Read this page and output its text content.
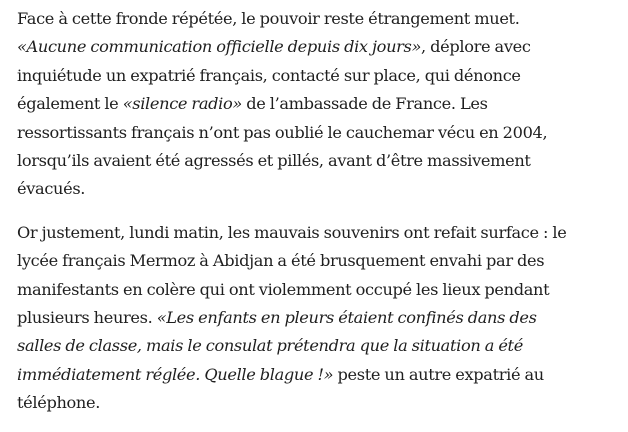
Face à cette fronde répétée, le pouvoir reste étrangement muet.
«Aucune communication officielle depuis dix jours», déplore avec
inquiétude un expatrié français, contacté sur place, qui dénonce
également le «silence radio» de l’ambassade de France. Les
ressortissants français n’ont pas oublié le cauchemar vécu en 2004,
lorsqu’ils avaient été agressés et pillés, avant d’être massivement
évacués.

Or justement, lundi matin, les mauvais souvenirs ont refait surface : le
lycée français Mermoz à Abidjan a été brusquement envahi par des
manifestants en colère qui ont violemment occupé les lieux pendant
plusieurs heures. «Les enfants en pleurs étaient confinés dans des
salles de classe, mais le consulat prétendra que la situation a été
immédiatement réglée. Quelle blague !» peste un autre expatrié au
téléphone.
